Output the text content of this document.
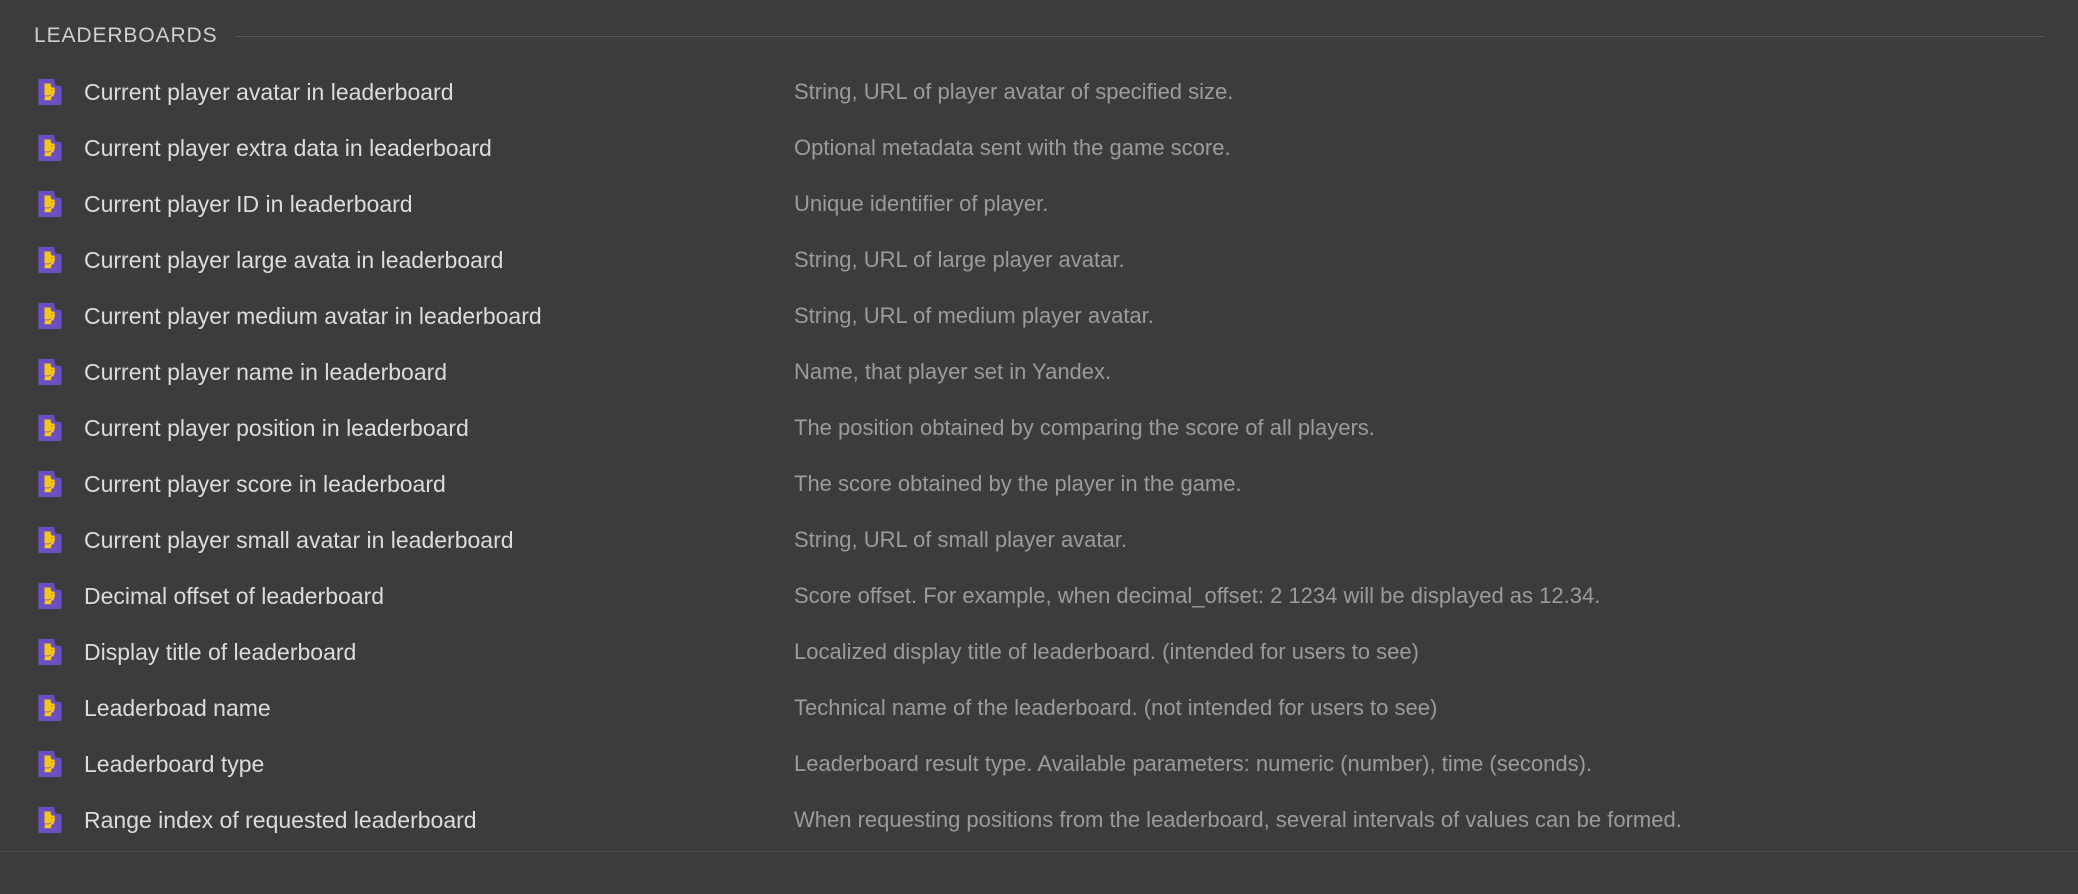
LEADERBOARDS
Current player avatar in leaderboard	String, URL of player avatar of specified size.
Current player extra data in leaderboard	Optional metadata sent with the game score.
Current player ID in leaderboard	Unique identifier of player.
Current player large avata in leaderboard	String, URL of large player avatar.
Current player medium avatar in leaderboard	String, URL of medium player avatar.
Current player name in leaderboard	Name, that player set in Yandex.
Current player position in leaderboard	The position obtained by comparing the score of all players.
Current player score in leaderboard	The score obtained by the player in the game.
Current player small avatar in leaderboard	String, URL of small player avatar.
Decimal offset of leaderboard	Score offset. For example, when decimal_offset: 2 1234 will be displayed as 12.34.
Display title of leaderboard	Localized display title of leaderboard. (intended for users to see)
Leaderboad name	Technical name of the leaderboard. (not intended for users to see)
Leaderboard type	Leaderboard result type. Available parameters: numeric (number), time (seconds).
Range index of requested leaderboard	When requesting positions from the leaderboard, several intervals of values can be formed.
